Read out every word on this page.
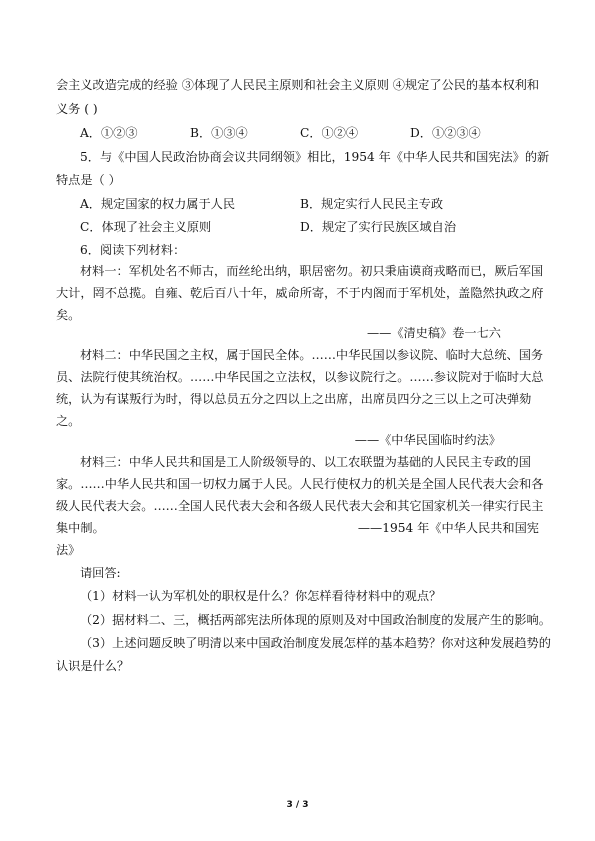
会主义改造完成的经验 ③体现了人民民主原则和社会主义原则 ④规定了公民的基本权利和
义务 ( )
A．①②③	B．①③④	C．①②④	D．①②③④
5．与《中国人民政治协商会议共同纲领》相比，1954 年《中华人民共和国宪法》的新
特点是（ ）
A．规定国家的权力属于人民	B．规定实行人民民主专政
C．体现了社会主义原则	D．规定了实行民族区域自治
6．阅读下列材料：
材料一：军机处名不师古，而丝纶出纳，职居密勿。初只秉庙谟商戎略而已，厥后军国
大计，罔不总揽。自雍、乾后百八十年，威命所寄，不于内阁而于军机处，盖隐然执政之府
矣。
——《清史稿》卷一七六
材料二：中华民国之主权，属于国民全体。……中华民国以参议院、临时大总统、国务
员、法院行使其统治权。……中华民国之立法权，以参议院行之。……参议院对于临时大总
统，认为有谋叛行为时，得以总员五分之四以上之出席，出席员四分之三以上之可决弹劾
之。
——《中华民国临时约法》
材料三：中华人民共和国是工人阶级领导的、以工农联盟为基础的人民民主专政的国
家。……中华人民共和国一切权力属于人民。人民行使权力的机关是全国人民代表大会和各
级人民代表大会。……全国人民代表大会和各级人民代表大会和其它国家机关一律实行民主
集中制。	——1954 年《中华人民共和国宪
法》
请回答:
（1）材料一认为军机处的职权是什么？你怎样看待材料中的观点？
（2）据材料二、三，概括两部宪法所体现的原则及对中国政治制度的发展产生的影响。
（3）上述问题反映了明清以来中国政治制度发展怎样的基本趋势？你对这种发展趋势的
认识是什么？
3 / 3
